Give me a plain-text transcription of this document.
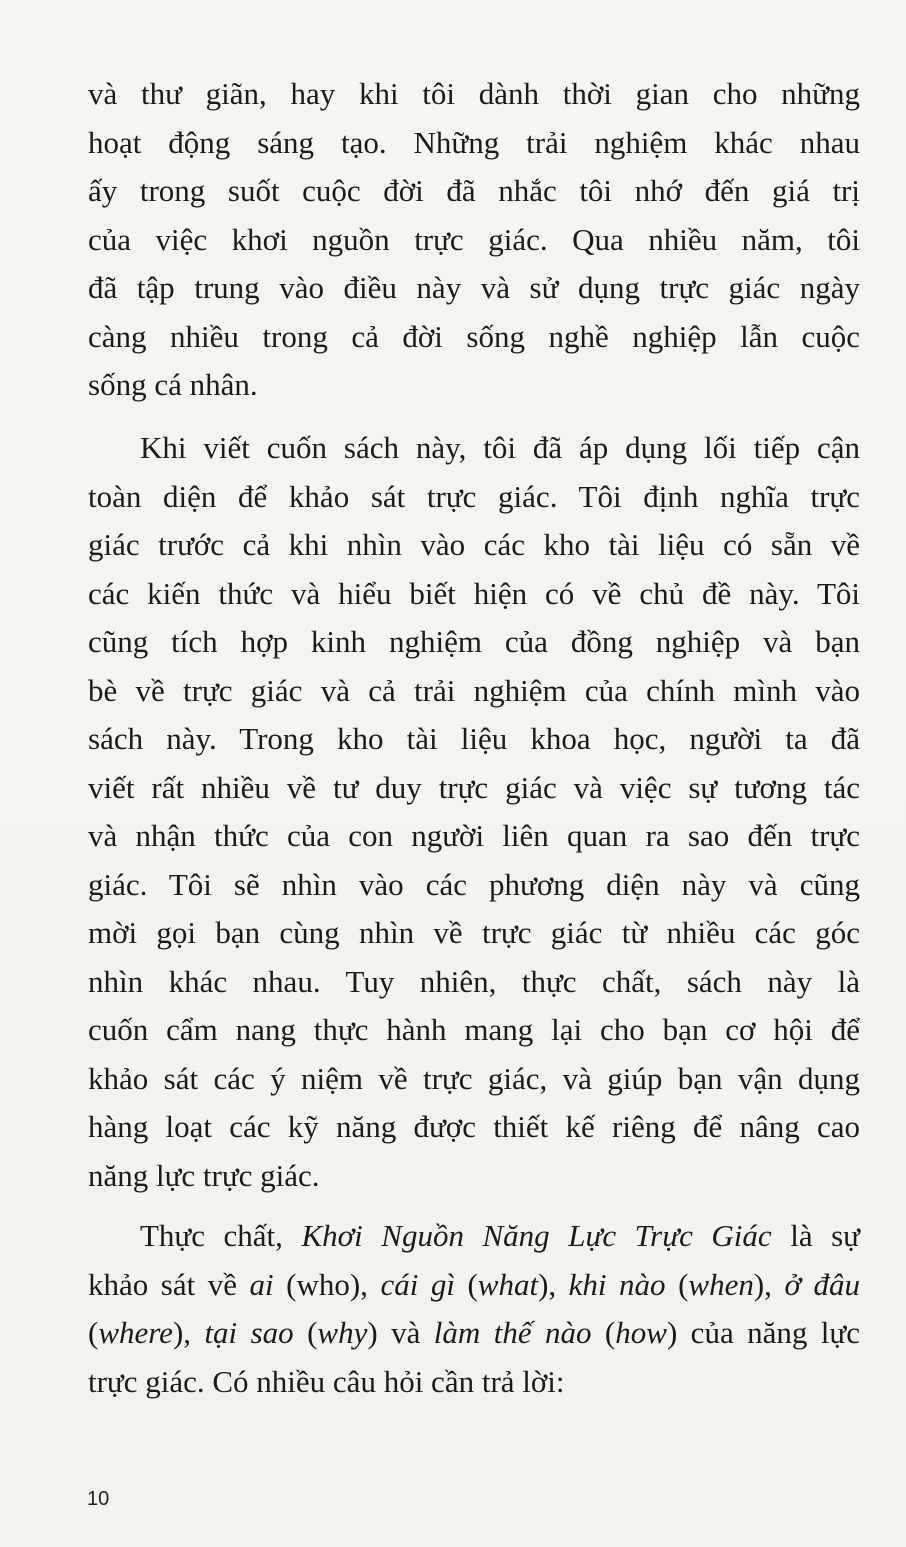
và thư giãn, hay khi tôi dành thời gian cho những
hoạt động sáng tạo. Những trải nghiệm khác nhau
ấy trong suốt cuộc đời đã nhắc tôi nhớ đến giá trị
của việc khơi nguồn trực giác. Qua nhiều năm, tôi
đã tập trung vào điều này và sử dụng trực giác ngày
càng nhiều trong cả đời sống nghề nghiệp lẫn cuộc
sống cá nhân.
Khi viết cuốn sách này, tôi đã áp dụng lối tiếp cận
toàn diện để khảo sát trực giác. Tôi định nghĩa trực
giác trước cả khi nhìn vào các kho tài liệu có sẵn về
các kiến thức và hiểu biết hiện có về chủ đề này. Tôi
cũng tích hợp kinh nghiệm của đồng nghiệp và bạn
bè về trực giác và cả trải nghiệm của chính mình vào
sách này. Trong kho tài liệu khoa học, người ta đã
viết rất nhiều về tư duy trực giác và việc sự tương tác
và nhận thức của con người liên quan ra sao đến trực
giác. Tôi sẽ nhìn vào các phương diện này và cũng
mời gọi bạn cùng nhìn về trực giác từ nhiều các góc
nhìn khác nhau. Tuy nhiên, thực chất, sách này là
cuốn cẩm nang thực hành mang lại cho bạn cơ hội để
khảo sát các ý niệm về trực giác, và giúp bạn vận dụng
hàng loạt các kỹ năng được thiết kế riêng để nâng cao
năng lực trực giác.
Thực chất, Khơi Nguồn Năng Lực Trực Giác là sự
khảo sát về ai (who), cái gì (what), khi nào (when), ở đâu
(where), tại sao (why) và làm thế nào (how) của năng lực
trực giác. Có nhiều câu hỏi cần trả lời:
10
